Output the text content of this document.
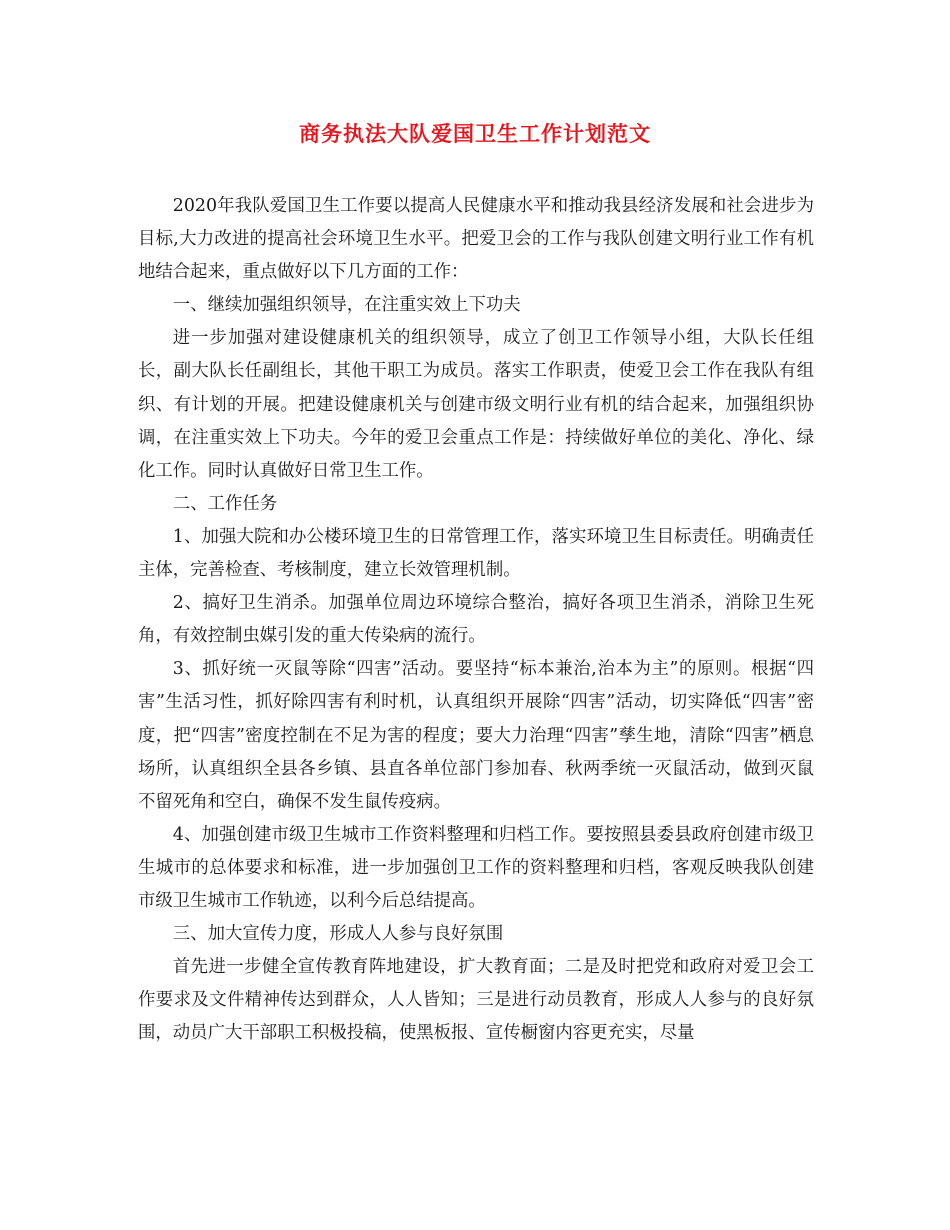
商务执法大队爱国卫生工作计划范文

2020年我队爱国卫生工作要以提高人民健康水平和推动我县经济发展和社会进步为目标,大力改进的提高社会环境卫生水平。把爱卫会的工作与我队创建文明行业工作有机地结合起来，重点做好以下几方面的工作：

一、继续加强组织领导，在注重实效上下功夫

进一步加强对建设健康机关的组织领导，成立了创卫工作领导小组，大队长任组长，副大队长任副组长，其他干职工为成员。落实工作职责，使爱卫会工作在我队有组织、有计划的开展。把建设健康机关与创建市级文明行业有机的结合起来，加强组织协调，在注重实效上下功夫。今年的爱卫会重点工作是：持续做好单位的美化、净化、绿化工作。同时认真做好日常卫生工作。

二、工作任务

1、加强大院和办公楼环境卫生的日常管理工作，落实环境卫生目标责任。明确责任主体，完善检查、考核制度，建立长效管理机制。

2、搞好卫生消杀。加强单位周边环境综合整治，搞好各项卫生消杀，消除卫生死角，有效控制虫媒引发的重大传染病的流行。

3、抓好统一灭鼠等除“四害”活动。要坚持“标本兼治,治本为主”的原则。根据“四害”生活习性，抓好除四害有利时机，认真组织开展除“四害”活动，切实降低“四害”密度，把“四害”密度控制在不足为害的程度；要大力治理“四害”孳生地，清除“四害”栖息场所，认真组织全县各乡镇、县直各单位部门参加春、秋两季统一灭鼠活动，做到灭鼠不留死角和空白，确保不发生鼠传疫病。

4、加强创建市级卫生城市工作资料整理和归档工作。要按照县委县政府创建市级卫生城市的总体要求和标准，进一步加强创卫工作的资料整理和归档，客观反映我队创建市级卫生城市工作轨迹，以利今后总结提高。

三、加大宣传力度，形成人人参与良好氛围

首先进一步健全宣传教育阵地建设，扩大教育面；二是及时把党和政府对爱卫会工作要求及文件精神传达到群众，人人皆知；三是进行动员教育，形成人人参与的良好氛围，动员广大干部职工积极投稿，使黑板报、宣传橱窗内容更充实，尽量
